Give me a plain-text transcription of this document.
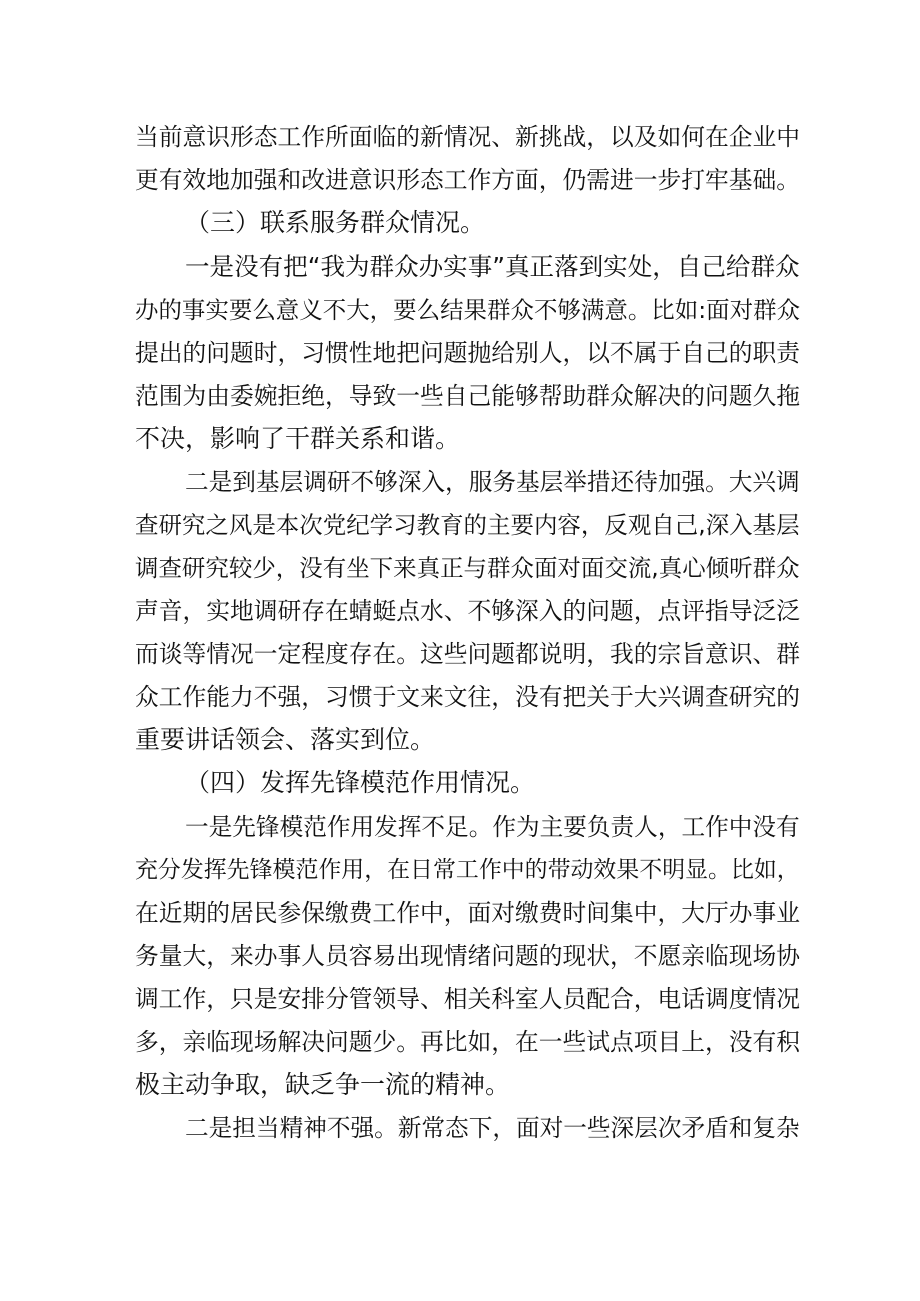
当前意识形态工作所面临的新情况、新挑战，以及如何在企业中
更有效地加强和改进意识形态工作方面，仍需进一步打牢基础。
（三）联系服务群众情况。
一是没有把“我为群众办实事”真正落到实处，自己给群众
办的事实要么意义不大，要么结果群众不够满意。比如:面对群众
提出的问题时，习惯性地把问题抛给别人，以不属于自己的职责
范围为由委婉拒绝，导致一些自己能够帮助群众解决的问题久拖
不决，影响了干群关系和谐。
二是到基层调研不够深入，服务基层举措还待加强。大兴调
查研究之风是本次党纪学习教育的主要内容，反观自己,深入基层
调查研究较少，没有坐下来真正与群众面对面交流,真心倾听群众
声音，实地调研存在蜻蜓点水、不够深入的问题，点评指导泛泛
而谈等情况一定程度存在。这些问题都说明，我的宗旨意识、群
众工作能力不强，习惯于文来文往，没有把关于大兴调查研究的
重要讲话领会、落实到位。
（四）发挥先锋模范作用情况。
一是先锋模范作用发挥不足。作为主要负责人，工作中没有
充分发挥先锋模范作用，在日常工作中的带动效果不明显。比如，
在近期的居民参保缴费工作中，面对缴费时间集中，大厅办事业
务量大，来办事人员容易出现情绪问题的现状，不愿亲临现场协
调工作，只是安排分管领导、相关科室人员配合，电话调度情况
多，亲临现场解决问题少。再比如，在一些试点项目上，没有积
极主动争取，缺乏争一流的精神。
二是担当精神不强。新常态下，面对一些深层次矛盾和复杂
